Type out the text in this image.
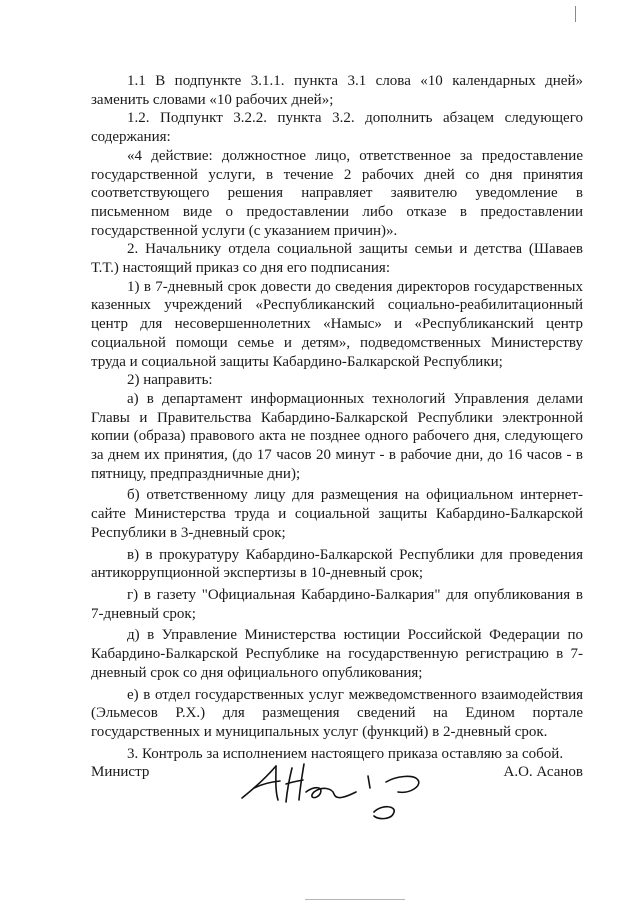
1.1 В подпункте 3.1.1. пункта 3.1 слова «10 календарных дней» заменить словами «10 рабочих дней»;

1.2. Подпункт 3.2.2. пункта 3.2. дополнить абзацем следующего содержания:

«4 действие: должностное лицо, ответственное за предоставление государственной услуги, в течение 2 рабочих дней со дня принятия соответствующего решения направляет заявителю уведомление в письменном виде о предоставлении либо отказе в предоставлении государственной услуги (с указанием причин)».

2. Начальнику отдела социальной защиты семьи и детства (Шаваев Т.Т.) настоящий приказ со дня его подписания:

1) в 7-дневный срок довести до сведения директоров государственных казенных учреждений «Республиканский социально-реабилитационный центр для несовершеннолетних «Намыс» и «Республиканский центр социальной помощи семье и детям», подведомственных Министерству труда и социальной защиты Кабардино-Балкарской Республики;

2) направить:

а) в департамент информационных технологий Управления делами Главы и Правительства Кабардино-Балкарской Республики электронной копии (образа) правового акта не позднее одного рабочего дня, следующего за днем их принятия, (до 17 часов 20 минут - в рабочие дни, до 16 часов - в пятницу, предпраздничные дни);

б) ответственному лицу для размещения на официальном интернет-сайте Министерства труда и социальной защиты Кабардино-Балкарской Республики в 3-дневный срок;

в) в прокуратуру Кабардино-Балкарской Республики для проведения антикоррупционной экспертизы в 10-дневный срок;

г) в газету "Официальная Кабардино-Балкария" для опубликования в 7-дневный срок;

д) в Управление Министерства юстиции Российской Федерации по Кабардино-Балкарской Республике на государственную регистрацию в 7-дневный срок со дня официального опубликования;

е) в отдел государственных услуг межведомственного взаимодействия (Эльмесов Р.Х.) для размещения сведений на Едином портале государственных и муниципальных услуг (функций) в 2-дневный срок.

3. Контроль за исполнением настоящего приказа оставляю за собой.

Министр	А.О. Асанов
